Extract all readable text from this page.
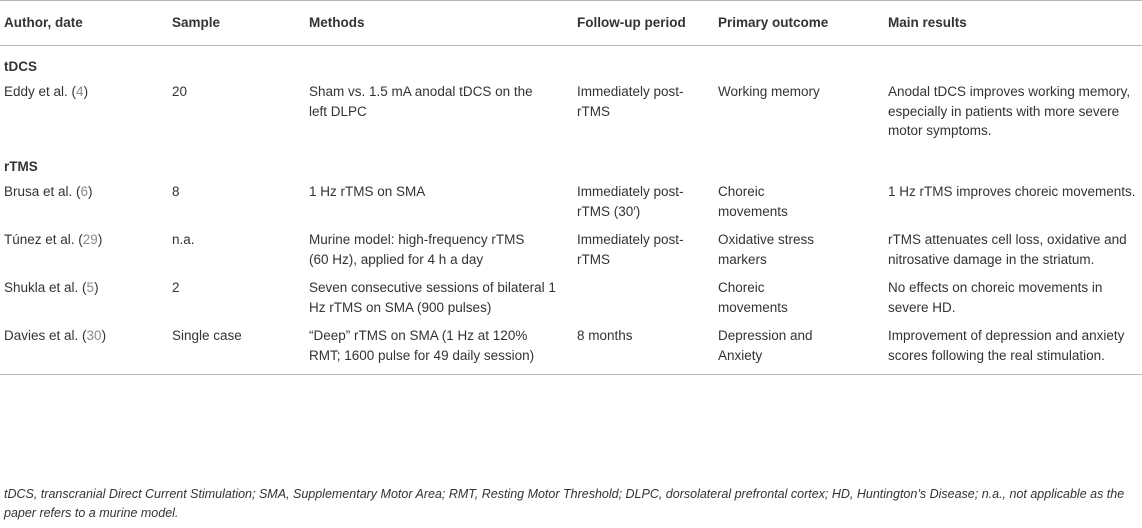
Author, date	Sample	Methods	Follow-up period	Primary outcome	Main results
tDCS					
Eddy et al. (4)	20	Sham vs. 1.5 mA anodal tDCS on the left DLPC	Immediately post-rTMS	Working memory	Anodal tDCS improves working memory, especially in patients with more severe motor symptoms.
rTMS					
Brusa et al. (6)	8	1 Hz rTMS on SMA	Immediately post-rTMS (30′)	Choreic movements	1 Hz rTMS improves choreic movements.
Túnez et al. (29)	n.a.	Murine model: high-frequency rTMS (60 Hz), applied for 4 h a day	Immediately post-rTMS	Oxidative stress markers	rTMS attenuates cell loss, oxidative and nitrosative damage in the striatum.
Shukla et al. (5)	2	Seven consecutive sessions of bilateral 1 Hz rTMS on SMA (900 pulses)		Choreic movements	No effects on choreic movements in severe HD.
Davies et al. (30)	Single case	“Deep” rTMS on SMA (1 Hz at 120% RMT; 1600 pulse for 49 daily session)	8 months	Depression and Anxiety	Improvement of depression and anxiety scores following the real stimulation.
tDCS, transcranial Direct Current Stimulation; SMA, Supplementary Motor Area; RMT, Resting Motor Threshold; DLPC, dorsolateral prefrontal cortex; HD, Huntington’s Disease; n.a., not applicable as the paper refers to a murine model.
